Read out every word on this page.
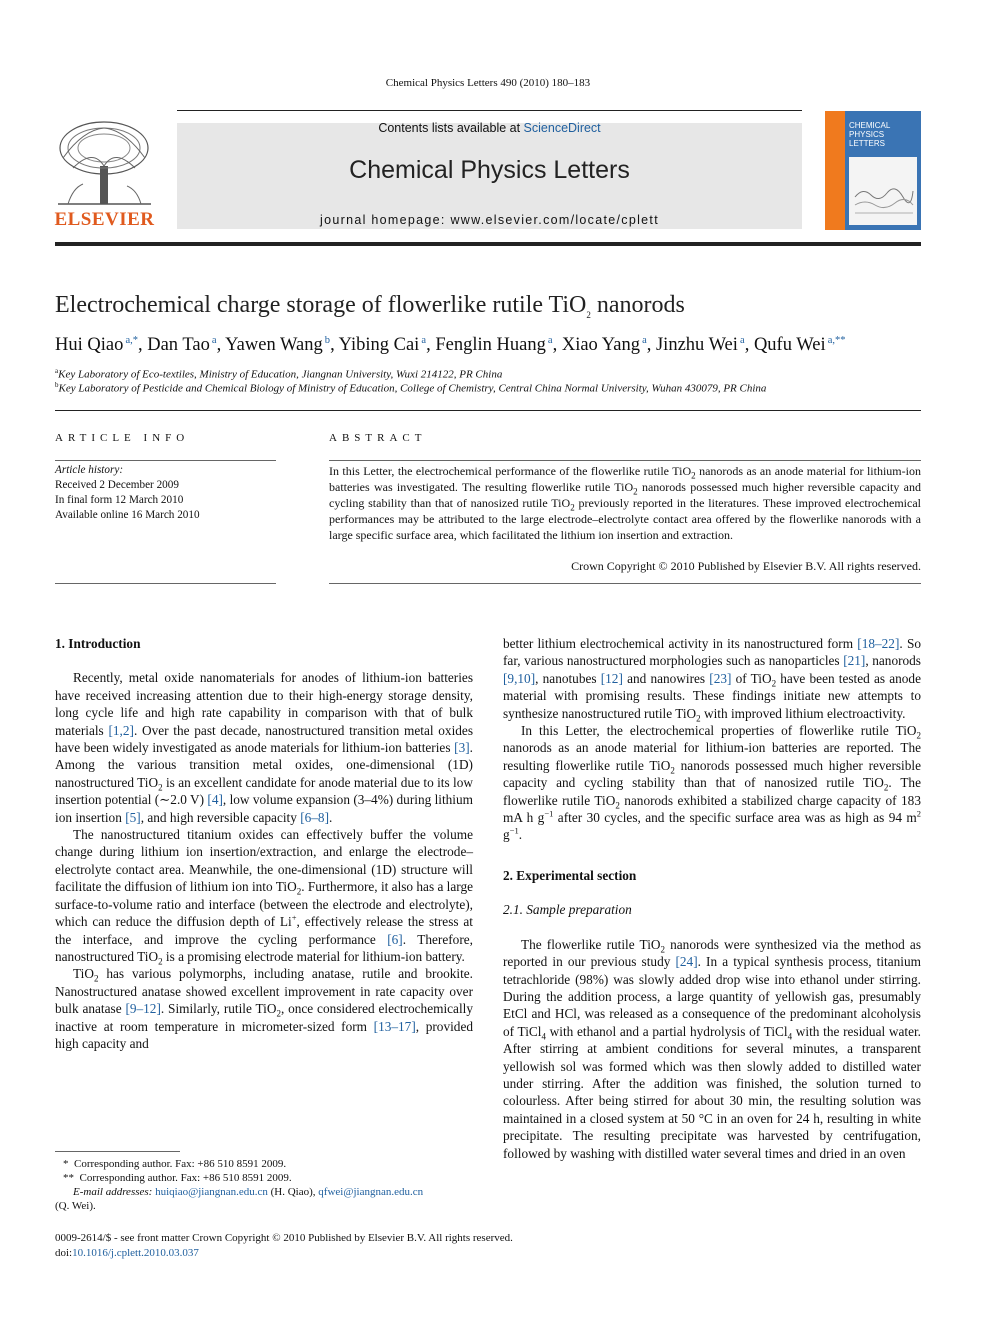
Chemical Physics Letters 490 (2010) 180–183
ELSEVIER
Contents lists available at ScienceDirect
Chemical Physics Letters
journal homepage: www.elsevier.com/locate/cplett
CHEMICAL PHYSICS LETTERS
Electrochemical charge storage of flowerlike rutile TiO$_2$ nanorods
Hui Qiao $^{a,*}$, Dan Tao $^a$, Yawen Wang $^b$, Yibing Cai $^a$, Fenglin Huang $^a$, Xiao Yang $^a$, Jinzhu Wei $^a$, Qufu Wei $^{a,**}$
$^a$Key Laboratory of Eco-textiles, Ministry of Education, Jiangnan University, Wuxi 214122, PR China
$^b$Key Laboratory of Pesticide and Chemical Biology of Ministry of Education, College of Chemistry, Central China Normal University, Wuhan 430079, PR China
ARTICLE INFO
Article history:
Received 2 December 2009
In final form 12 March 2010
Available online 16 March 2010
ABSTRACT
In this Letter, the electrochemical performance of the flowerlike rutile TiO$_2$ nanorods as an anode material for lithium-ion batteries was investigated. The resulting flowerlike rutile TiO$_2$ nanorods possessed much higher reversible capacity and cycling stability than that of nanosized rutile TiO$_2$ previously reported in the literatures. These improved electrochemical performances may be attributed to the large electrode–electrolyte contact area offered by the flowerlike nanorods with a large specific surface area, which facilitated the lithium ion insertion and extraction.
Crown Copyright © 2010 Published by Elsevier B.V. All rights reserved.
1. Introduction

Recently, metal oxide nanomaterials for anodes of lithium-ion batteries have received increasing attention due to their high-energy storage density, long cycle life and high rate capability in comparison with that of bulk materials [1,2]. Over the past decade, nanostructured transition metal oxides have been widely investigated as anode materials for lithium-ion batteries [3]. Among the various transition metal oxides, one-dimensional (1D) nanostructured TiO$_2$ is an excellent candidate for anode material due to its low insertion potential (∼2.0 V) [4], low volume expansion (3–4%) during lithium ion insertion [5], and high reversible capacity [6–8].

The nanostructured titanium oxides can effectively buffer the volume change during lithium ion insertion/extraction, and enlarge the electrode–electrolyte contact area. Meanwhile, the one-dimensional (1D) structure will facilitate the diffusion of lithium ion into TiO$_2$. Furthermore, it also has a large surface-to-volume ratio and interface (between the electrode and electrolyte), which can reduce the diffusion depth of Li+, effectively release the stress at the interface, and improve the cycling performance [6]. Therefore, nanostructured TiO$_2$ is a promising electrode material for lithium-ion battery.

TiO$_2$ has various polymorphs, including anatase, rutile and brookite. Nanostructured anatase showed excellent improvement in rate capacity over bulk anatase [9–12]. Similarly, rutile TiO$_2$, once considered electrochemically inactive at room temperature in micrometer-sized form [13–17], provided high capacity and

*  Corresponding author. Fax: +86 510 8591 2009.
**  Corresponding author. Fax: +86 510 8591 2009.
E-mail addresses: huiqiao@jiangnan.edu.cn (H. Qiao), qfwei@jiangnan.edu.cn
(Q. Wei).

better lithium electrochemical activity in its nanostructured form [18–22]. So far, various nanostructured morphologies such as nanoparticles [21], nanorods [9,10], nanotubes [12] and nanowires [23] of TiO$_2$ have been tested as anode material with promising results. These findings initiate new attempts to synthesize nanostructured rutile TiO$_2$ with improved lithium electroactivity.

In this Letter, the electrochemical properties of flowerlike rutile TiO$_2$ nanorods as an anode material for lithium-ion batteries are reported. The resulting flowerlike rutile TiO$_2$ nanorods possessed much higher reversible capacity and cycling stability than that of nanosized rutile TiO$_2$. The flowerlike rutile TiO$_2$ nanorods exhibited a stabilized charge capacity of 183 mA h $g^{-1}$ after 30 cycles, and the specific surface area was as high as 94 $m^2$ $g^{-1}$.

2. Experimental section
2.1. Sample preparation

The flowerlike rutile TiO$_2$ nanorods were synthesized via the method as reported in our previous study [24]. In a typical synthesis process, titanium tetrachloride (98%) was slowly added drop wise into ethanol under stirring. During the addition process, a large quantity of yellowish gas, presumably EtCl and HCl, was released as a consequence of the predominant alcoholysis of TiCl$_4$ with ethanol and a partial hydrolysis of TiCl$_4$ with the residual water. After stirring at ambient conditions for several minutes, a transparent yellowish sol was formed which was then slowly added to distilled water under stirring. After the addition was finished, the solution turned to colourless. After being stirred for about 30 min, the resulting solution was maintained in a closed system at 50 °C in an oven for 24 h, resulting in white precipitate. The resulting precipitate was harvested by centrifugation, followed by washing with distilled water several times and dried in an oven

0009-2614/$ - see front matter Crown Copyright © 2010 Published by Elsevier B.V. All rights reserved.
doi:10.1016/j.cplett.2010.03.037
